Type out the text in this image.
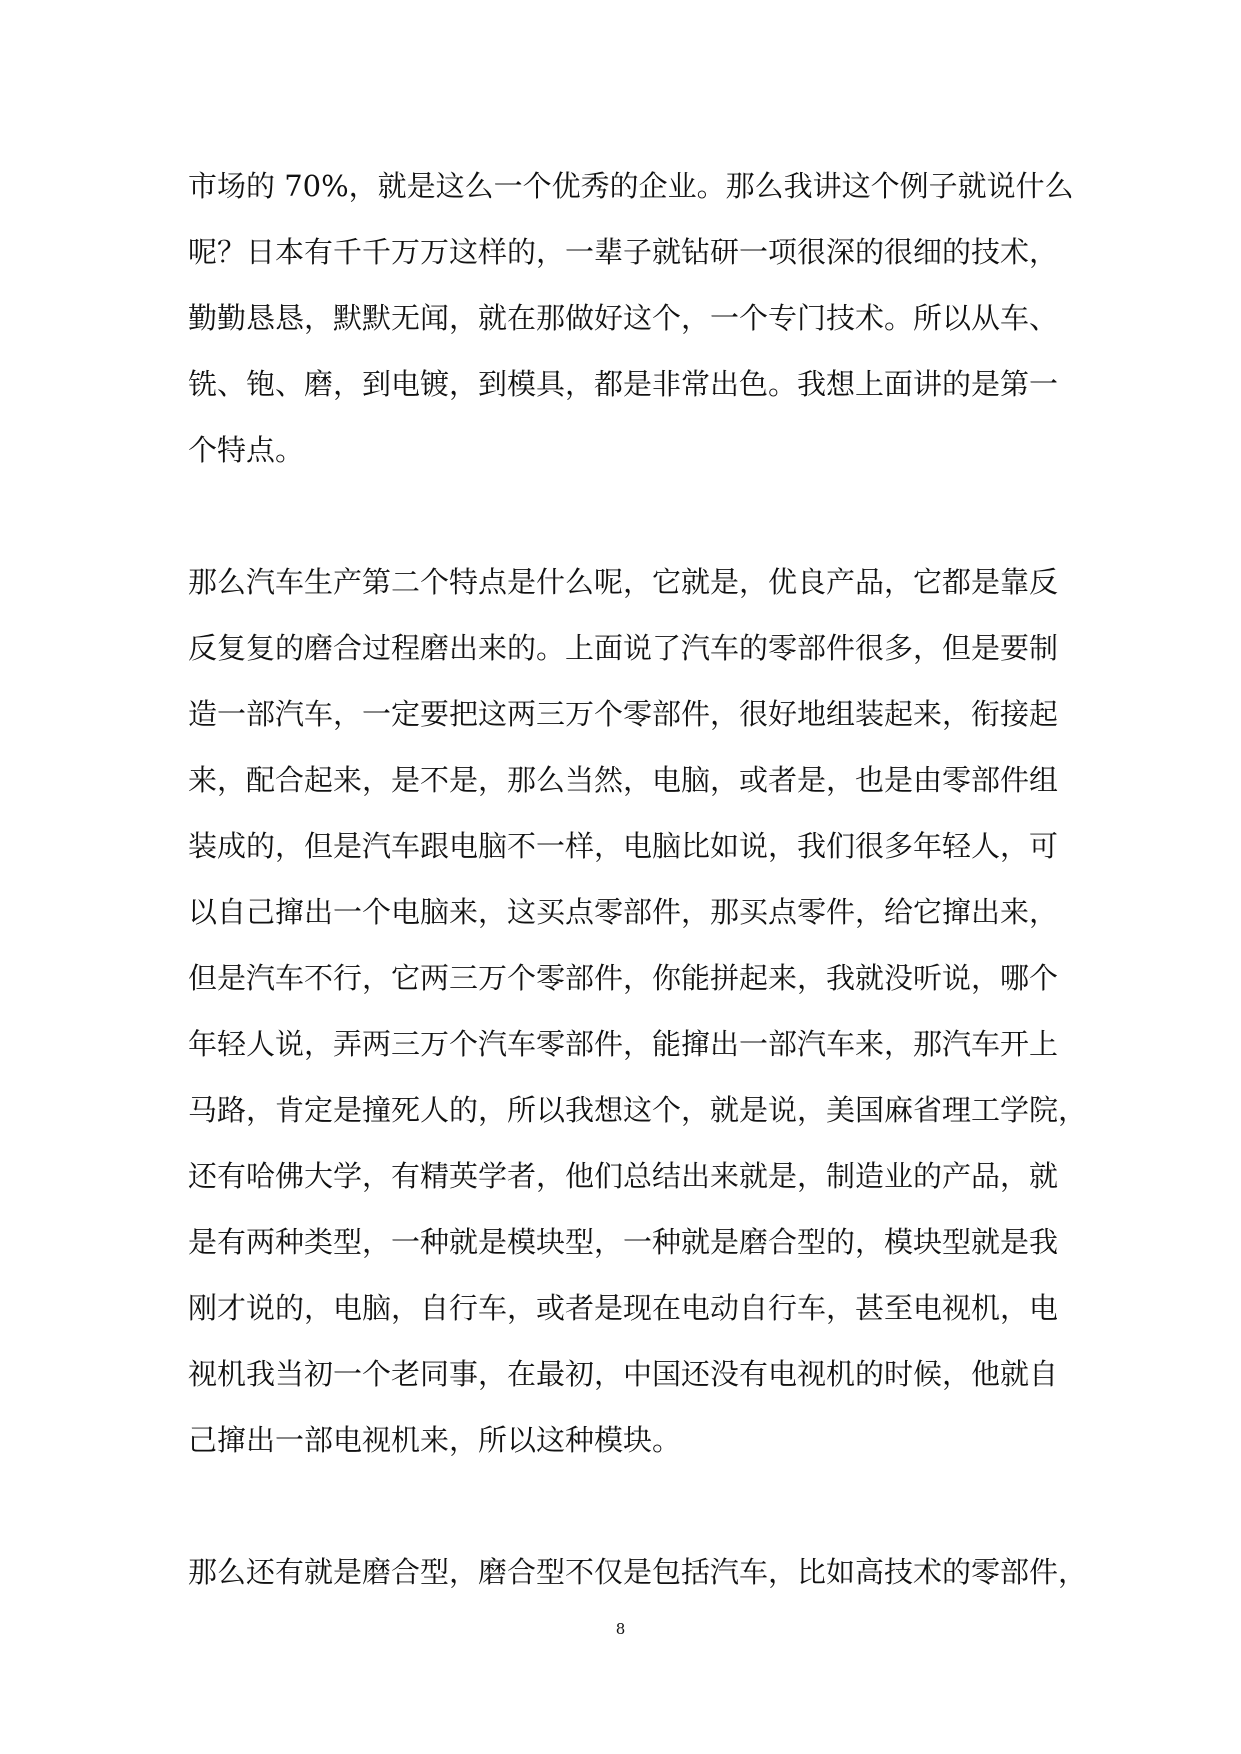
市场的 70%，就是这么一个优秀的企业。那么我讲这个例子就说什么
呢？日本有千千万万这样的，一辈子就钻研一项很深的很细的技术，
勤勤恳恳，默默无闻，就在那做好这个，一个专门技术。所以从车、
铣、铇、磨，到电镀，到模具，都是非常出色。我想上面讲的是第一
个特点。
那么汽车生产第二个特点是什么呢，它就是，优良产品，它都是靠反
反复复的磨合过程磨出来的。上面说了汽车的零部件很多，但是要制
造一部汽车，一定要把这两三万个零部件，很好地组装起来，衔接起
来，配合起来，是不是，那么当然，电脑，或者是，也是由零部件组
装成的，但是汽车跟电脑不一样，电脑比如说，我们很多年轻人，可
以自己撺出一个电脑来，这买点零部件，那买点零件，给它撺出来，
但是汽车不行，它两三万个零部件，你能拼起来，我就没听说，哪个
年轻人说，弄两三万个汽车零部件，能撺出一部汽车来，那汽车开上
马路，肯定是撞死人的，所以我想这个，就是说，美国麻省理工学院，
还有哈佛大学，有精英学者，他们总结出来就是，制造业的产品，就
是有两种类型，一种就是模块型，一种就是磨合型的，模块型就是我
刚才说的，电脑，自行车，或者是现在电动自行车，甚至电视机，电
视机我当初一个老同事，在最初，中国还没有电视机的时候，他就自
己撺出一部电视机来，所以这种模块。
那么还有就是磨合型，磨合型不仅是包括汽车，比如高技术的零部件，
8
